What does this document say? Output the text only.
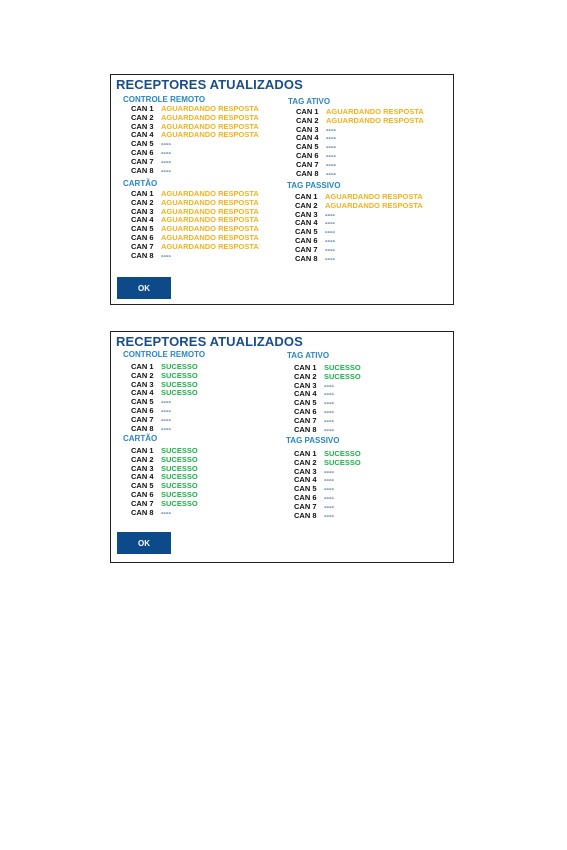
RECEPTORES ATUALIZADOS
CONTROLE REMOTO
CAN 1 AGUARDANDO RESPOSTA
CAN 2 AGUARDANDO RESPOSTA
CAN 3 AGUARDANDO RESPOSTA
CAN 4 AGUARDANDO RESPOSTA
CAN 5 ----
CAN 6 ----
CAN 7 ----
CAN 8 ----
CARTÃO
CAN 1 AGUARDANDO RESPOSTA
CAN 2 AGUARDANDO RESPOSTA
CAN 3 AGUARDANDO RESPOSTA
CAN 4 AGUARDANDO RESPOSTA
CAN 5 AGUARDANDO RESPOSTA
CAN 6 AGUARDANDO RESPOSTA
CAN 7 AGUARDANDO RESPOSTA
CAN 8 ----
TAG ATIVO
CAN 1 AGUARDANDO RESPOSTA
CAN 2 AGUARDANDO RESPOSTA
CAN 3 ----
CAN 4 ----
CAN 5 ----
CAN 6 ----
CAN 7 ----
CAN 8 ----
TAG PASSIVO
CAN 1 AGUARDANDO RESPOSTA
CAN 2 AGUARDANDO RESPOSTA
CAN 3 ----
CAN 4 ----
CAN 5 ----
CAN 6 ----
CAN 7 ----
CAN 8 ----
OK
RECEPTORES ATUALIZADOS
CONTROLE REMOTO
CAN 1 SUCESSO
CAN 2 SUCESSO
CAN 3 SUCESSO
CAN 4 SUCESSO
CAN 5 ----
CAN 6 ----
CAN 7 ----
CAN 8 ----
CARTÃO
CAN 1 SUCESSO
CAN 2 SUCESSO
CAN 3 SUCESSO
CAN 4 SUCESSO
CAN 5 SUCESSO
CAN 6 SUCESSO
CAN 7 SUCESSO
CAN 8 ----
TAG ATIVO
CAN 1 SUCESSO
CAN 2 SUCESSO
CAN 3 ----
CAN 4 ----
CAN 5 ----
CAN 6 ----
CAN 7 ----
CAN 8 ----
TAG PASSIVO
CAN 1 SUCESSO
CAN 2 SUCESSO
CAN 3 ----
CAN 4 ----
CAN 5 ----
CAN 6 ----
CAN 7 ----
CAN 8 ----
OK
